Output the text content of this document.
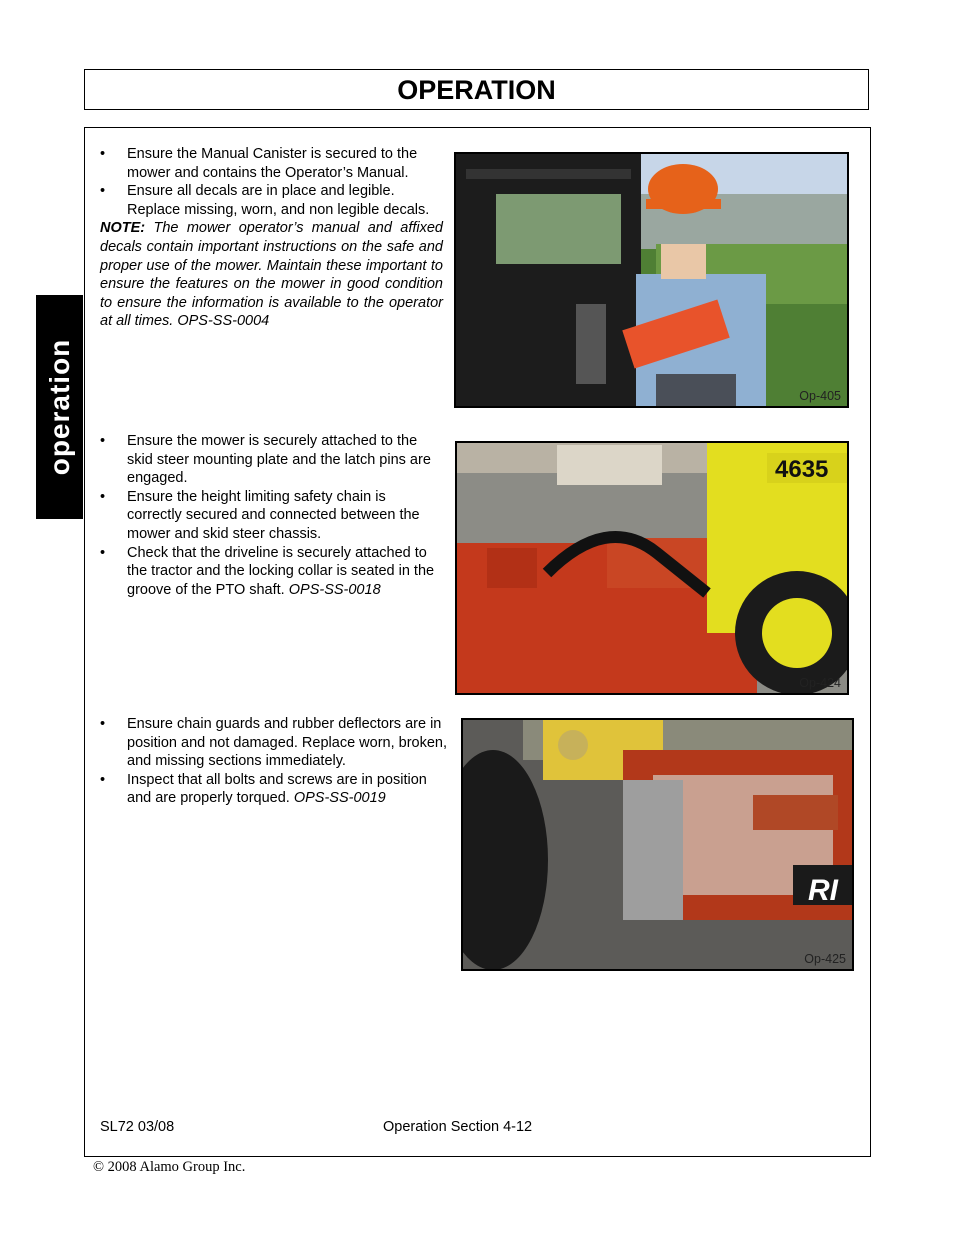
OPERATION
operation
• Ensure the Manual Canister is secured to the mower and contains the Operator’s Manual.
• Ensure all decals are in place and legible. Replace missing, worn, and non legible decals.

NOTE: The mower operator’s manual and affixed decals contain important instructions on the safe and proper use of the mower. Maintain these important to ensure the features on the mower in good condition to ensure the information is available to the operator at all times. OPS-SS-0004

Op-405
• Ensure the mower is securely attached to the skid steer mounting plate and the latch pins are engaged.
• Ensure the height limiting safety chain is correctly secured and connected between the mower and skid steer chassis.
• Check that the driveline is securely attached to the tractor and the locking collar is seated in the groove of the PTO shaft. OPS-SS-0018
4635
Op-424
• Ensure chain guards and rubber deflectors are in position and not damaged. Replace worn, broken, and missing sections immediately.
• Inspect that all bolts and screws are in position and are properly torqued. OPS-SS-0019
RI
Op-425
SL72 03/08	Operation Section 4-12
© 2008 Alamo Group Inc.
